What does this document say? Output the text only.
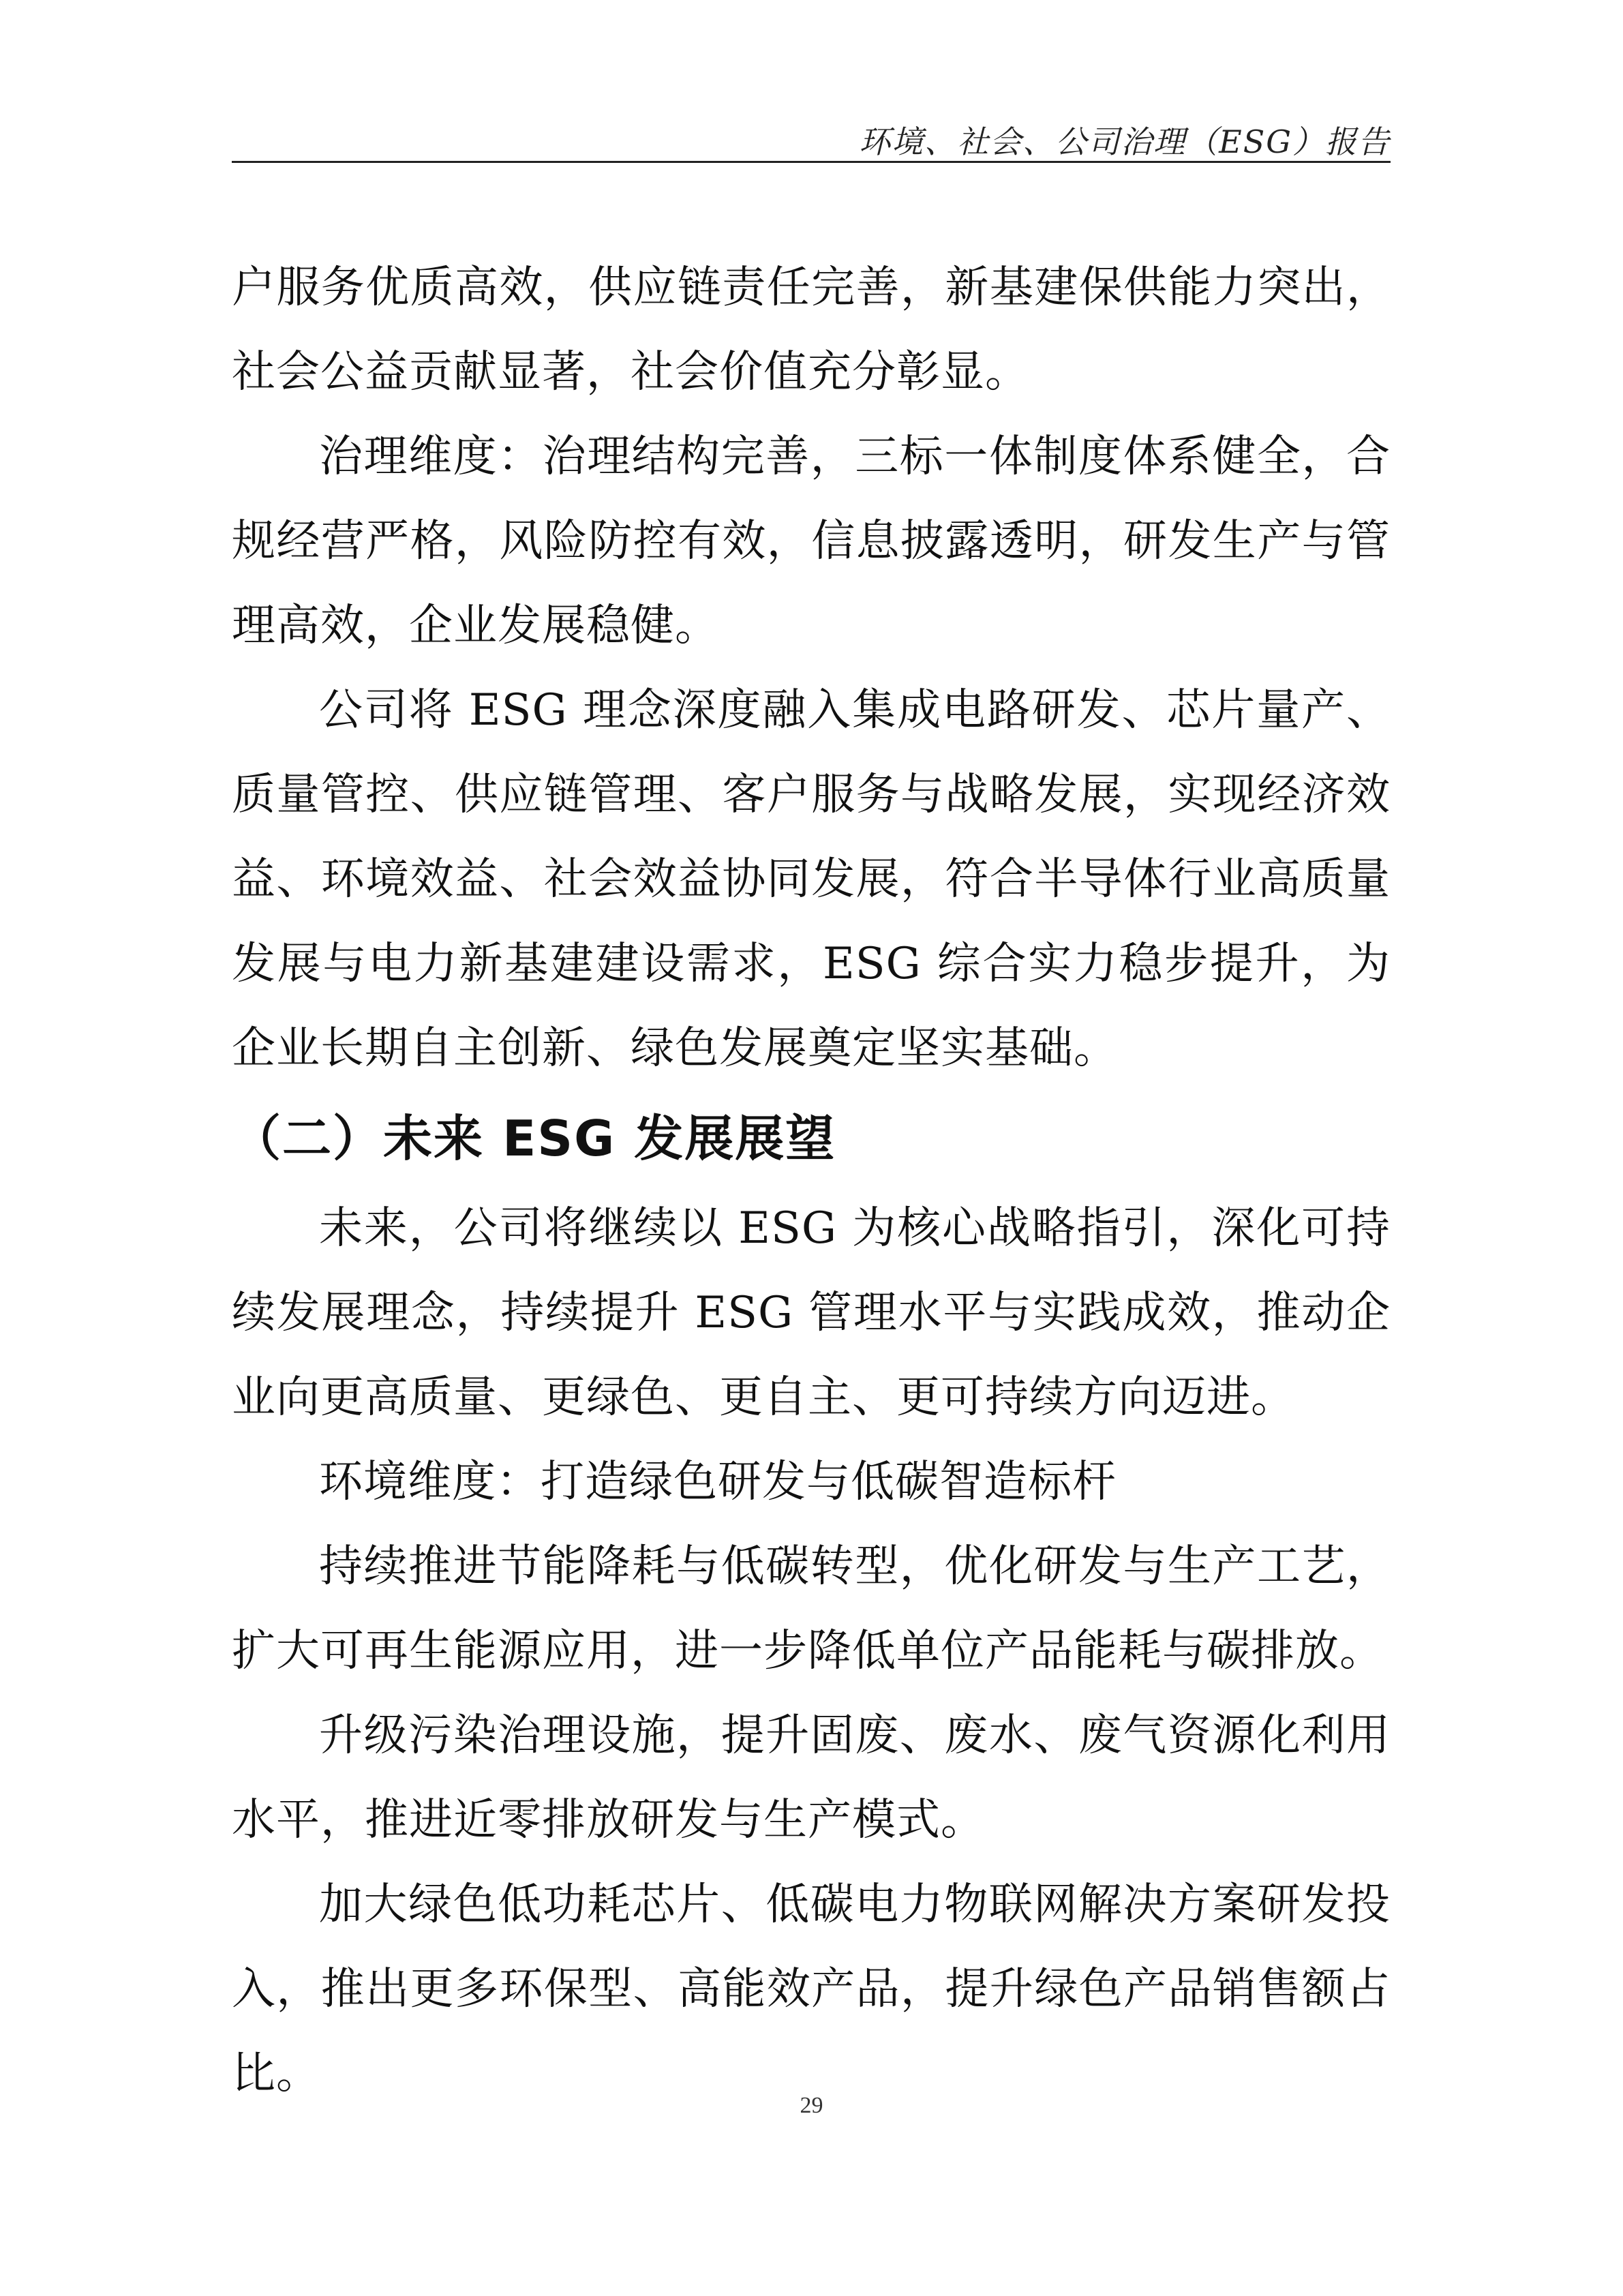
环境、社会、公司治理（ESG）报告

户服务优质高效，供应链责任完善，新基建保供能力突出，社会公益贡献显著，社会价值充分彰显。

治理维度：治理结构完善，三标一体制度体系健全，合规经营严格，风险防控有效，信息披露透明，研发生产与管理高效，企业发展稳健。

公司将 ESG 理念深度融入集成电路研发、芯片量产、质量管控、供应链管理、客户服务与战略发展，实现经济效益、环境效益、社会效益协同发展，符合半导体行业高质量发展与电力新基建建设需求，ESG 综合实力稳步提升，为企业长期自主创新、绿色发展奠定坚实基础。

（二）未来 ESG 发展展望

未来，公司将继续以 ESG 为核心战略指引，深化可持续发展理念，持续提升 ESG 管理水平与实践成效，推动企业向更高质量、更绿色、更自主、更可持续方向迈进。

环境维度：打造绿色研发与低碳智造标杆

持续推进节能降耗与低碳转型，优化研发与生产工艺，扩大可再生能源应用，进一步降低单位产品能耗与碳排放。

升级污染治理设施，提升固废、废水、废气资源化利用水平，推进近零排放研发与生产模式。

加大绿色低功耗芯片、低碳电力物联网解决方案研发投入，推出更多环保型、高能效产品，提升绿色产品销售额占比。

29
